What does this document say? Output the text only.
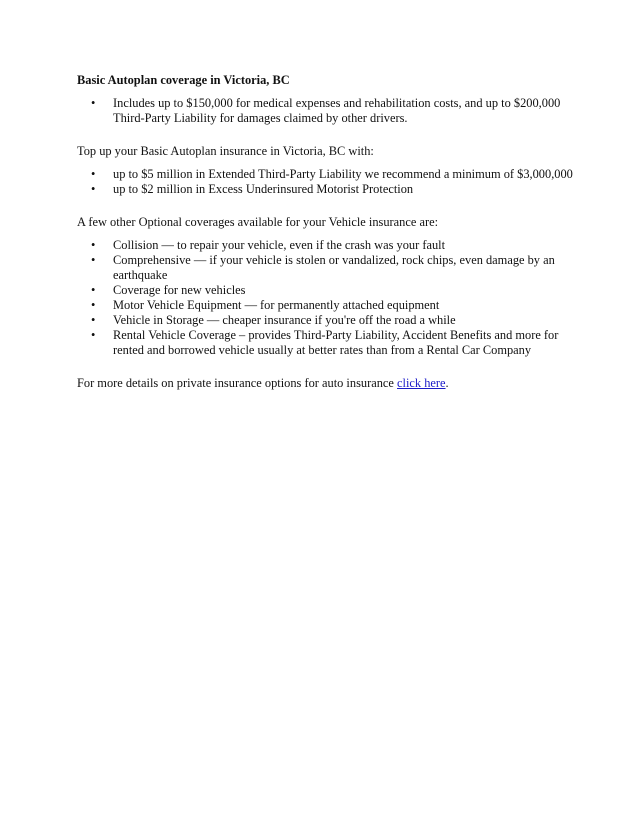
Basic Autoplan coverage in Victoria, BC
• Includes up to $150,000 for medical expenses and rehabilitation costs, and up to $200,000 Third-Party Liability for damages claimed by other drivers.
Top up your Basic Autoplan insurance in Victoria, BC with:
• up to $5 million in Extended Third-Party Liability we recommend a minimum of $3,000,000
• up to $2 million in Excess Underinsured Motorist Protection
A few other Optional coverages available for your Vehicle insurance are:
• Collision — to repair your vehicle, even if the crash was your fault
• Comprehensive — if your vehicle is stolen or vandalized, rock chips, even damage by an earthquake
• Coverage for new vehicles
• Motor Vehicle Equipment — for permanently attached equipment
• Vehicle in Storage — cheaper insurance if you're off the road a while
• Rental Vehicle Coverage – provides Third-Party Liability, Accident Benefits and more for rented and borrowed vehicle usually at better rates than from a Rental Car Company
For more details on private insurance options for auto insurance click here.
